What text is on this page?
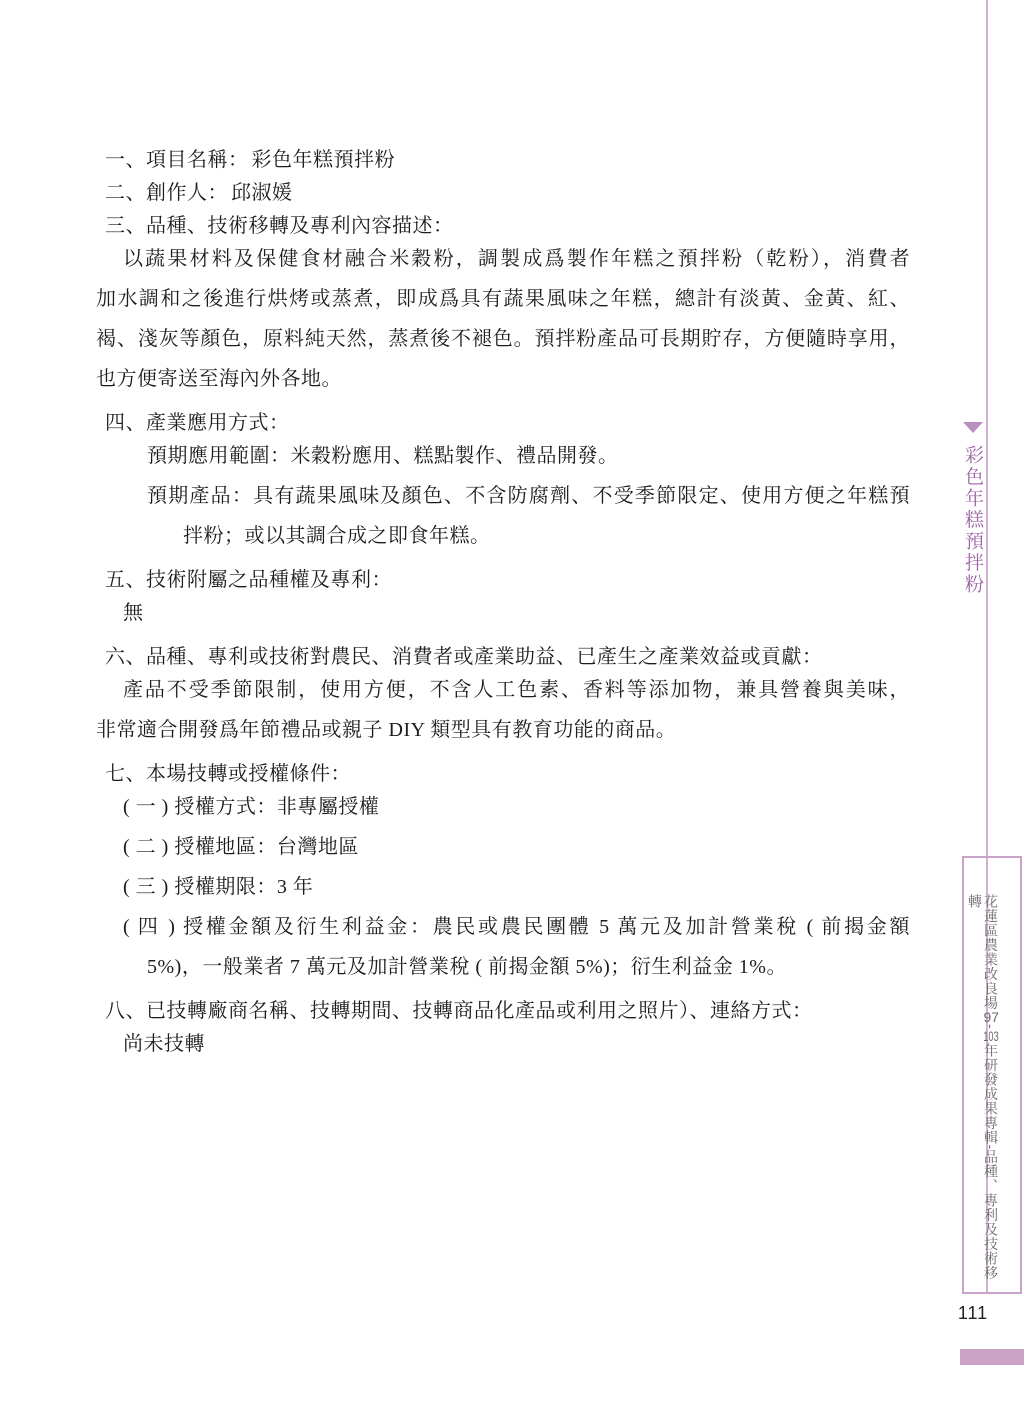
一、項目名稱： 彩色年糕預拌粉
二、創作人： 邱淑媛
三、品種、技術移轉及專利內容描述：
以蔬果材料及保健食材融合米穀粉，調製成爲製作年糕之預拌粉（乾粉），消費者
加水調和之後進行烘烤或蒸煮，即成爲具有蔬果風味之年糕，總計有淡黃、金黃、紅、
褐、淺灰等顏色，原料純天然，蒸煮後不褪色。預拌粉產品可長期貯存，方便隨時享用，
也方便寄送至海內外各地。
四、產業應用方式：
預期應用範圍：米穀粉應用、糕點製作、禮品開發。
預期產品：具有蔬果風味及顏色、不含防腐劑、不受季節限定、使用方便之年糕預
拌粉；或以其調合成之即食年糕。
五、技術附屬之品種權及專利：
無
六、品種、專利或技術對農民、消費者或產業助益、已產生之產業效益或貢獻：
產品不受季節限制，使用方便，不含人工色素、香料等添加物，兼具營養與美味，
非常適合開發爲年節禮品或親子 DIY 類型具有教育功能的商品。
七、本場技轉或授權條件：
( 一 ) 授權方式：非專屬授權
( 二 ) 授權地區：台灣地區
( 三 ) 授權期限：3 年
( 四 ) 授權金額及衍生利益金：農民或農民團體 5 萬元及加計營業稅 ( 前揭金額
5%)，一般業者 7 萬元及加計營業稅 ( 前揭金額 5%)；衍生利益金 1%。
八、已技轉廠商名稱、技轉期間、技轉商品化產品或利用之照片）、連絡方式：
尚未技轉
彩色年糕預拌粉
花蓮區農業改良場97-103年研發成果專輯-品種、專利及技術移轉
111
